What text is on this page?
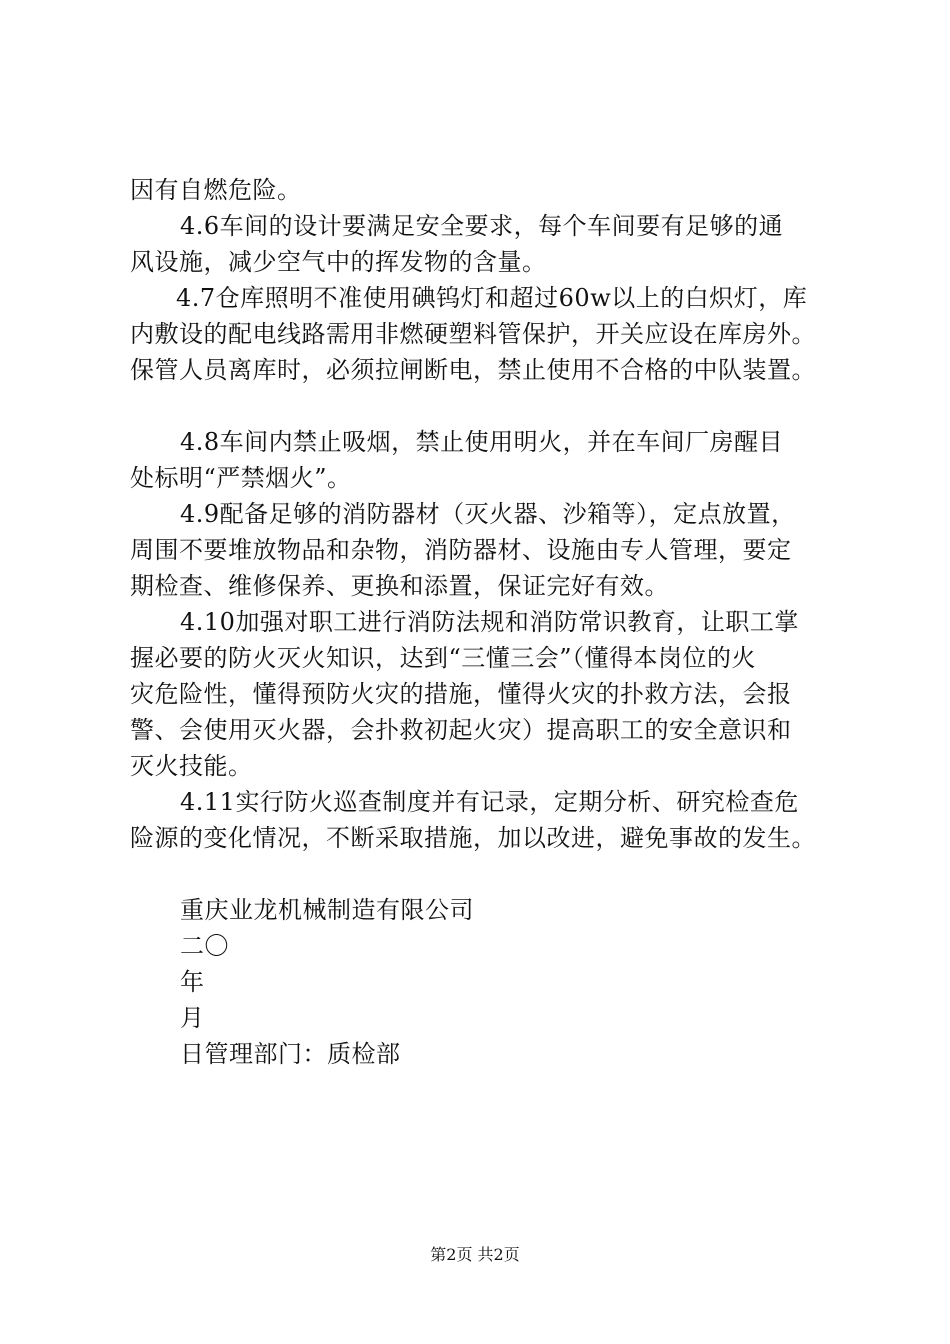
因有自燃危险。
4.6车间的设计要满足安全要求，每个车间要有足够的通
风设施，减少空气中的挥发物的含量。
4.7仓库照明不准使用碘钨灯和超过60w以上的白炽灯，库
内敷设的配电线路需用非燃硬塑料管保护，开关应设在库房外。
保管人员离库时，必须拉闸断电，禁止使用不合格的中队装置。
4.8车间内禁止吸烟，禁止使用明火，并在车间厂房醒目
处标明“严禁烟火”。
4.9配备足够的消防器材（灭火器、沙箱等），定点放置，
周围不要堆放物品和杂物，消防器材、设施由专人管理，要定
期检查、维修保养、更换和添置，保证完好有效。
4.10加强对职工进行消防法规和消防常识教育，让职工掌
握必要的防火灭火知识，达到“三懂三会”（懂得本岗位的火
灾危险性，懂得预防火灾的措施，懂得火灾的扑救方法，会报
警、会使用灭火器，会扑救初起火灾）提高职工的安全意识和
灭火技能。
4.11实行防火巡查制度并有记录，定期分析、研究检查危
险源的变化情况，不断采取措施，加以改进，避免事故的发生。
重庆业龙机械制造有限公司
二〇
年
月
日管理部门：质检部
第2页 共2页
